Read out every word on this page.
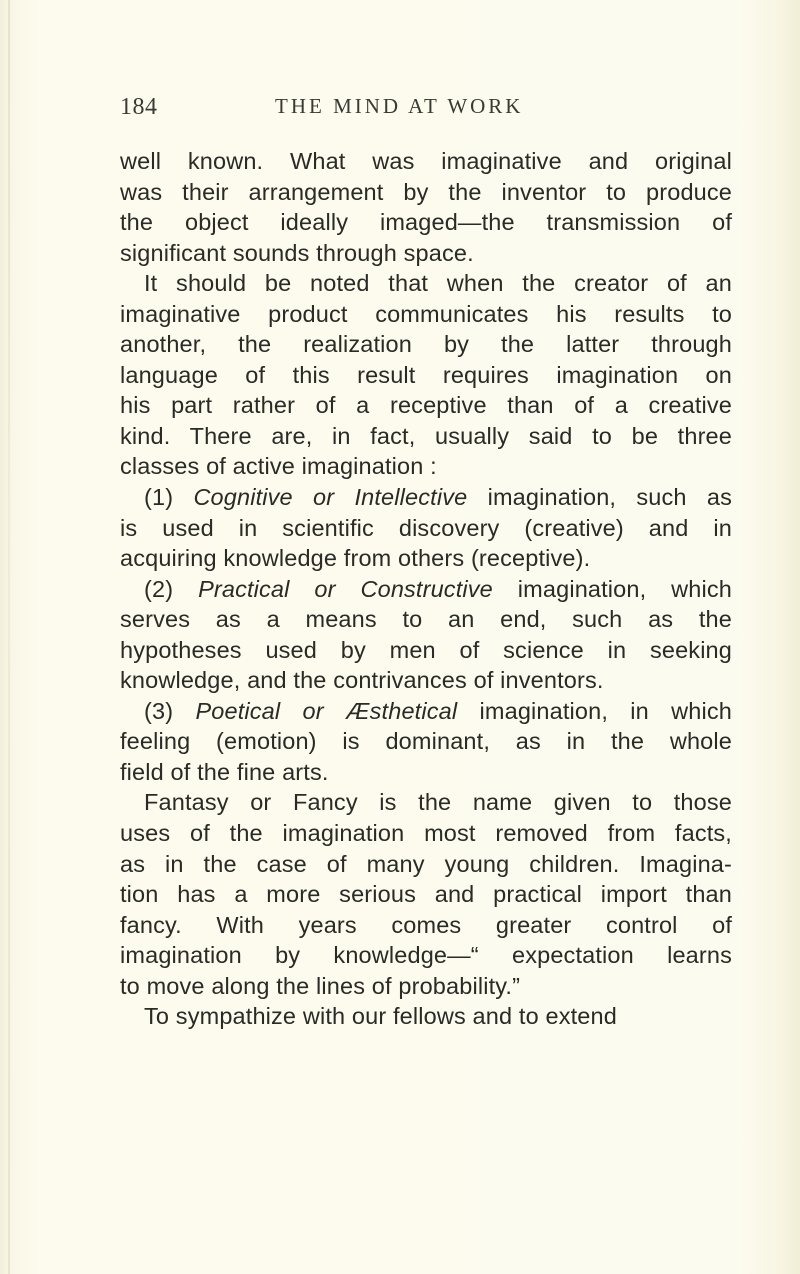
184	THE MIND AT WORK
well known. What was imaginative and original
was their arrangement by the inventor to produce
the object ideally imaged—the transmission of
significant sounds through space.
It should be noted that when the creator of an
imaginative product communicates his results to
another, the realization by the latter through
language of this result requires imagination on
his part rather of a receptive than of a creative
kind. There are, in fact, usually said to be three
classes of active imagination :
(1) Cognitive or Intellective imagination, such as
is used in scientific discovery (creative) and in
acquiring knowledge from others (receptive).
(2) Practical or Constructive imagination, which
serves as a means to an end, such as the
hypotheses used by men of science in seeking
knowledge, and the contrivances of inventors.
(3) Poetical or Æsthetical imagination, in which
feeling (emotion) is dominant, as in the whole
field of the fine arts.
Fantasy or Fancy is the name given to those
uses of the imagination most removed from facts,
as in the case of many young children. Imagina-
tion has a more serious and practical import than
fancy. With years comes greater control of
imagination by knowledge—“ expectation learns
to move along the lines of probability.”
To sympathize with our fellows and to extend
